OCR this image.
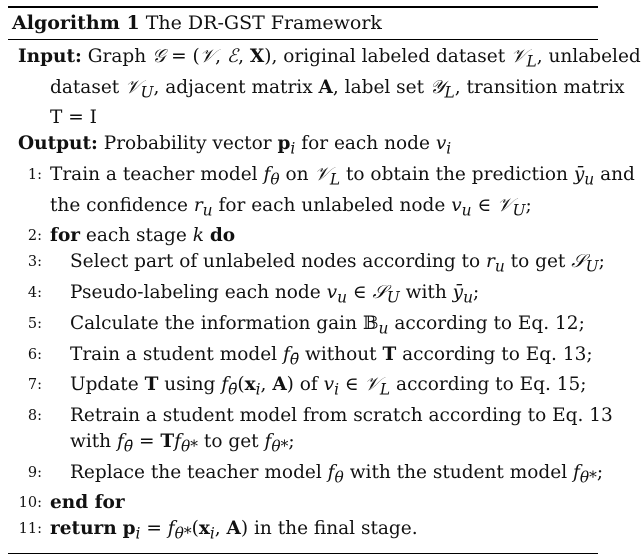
Algorithm 1 The DR-GST Framework
Input: Graph 𝒢 = (𝒱, ℰ, X), original labeled dataset 𝒱$_L$, unlabeled
dataset 𝒱$_U$, adjacent matrix A, label set 𝒴$_L$, transition matrix
T = I
Output: Probability vector $p_i$ for each node $v_i$
1: Train a teacher model $f_\theta$ on 𝒱$_L$ to obtain the prediction $ȳ_u$ and
the confidence $r_u$ for each unlabeled node $v_u$ ∈ 𝒱$_U$;
2: for each stage k do
3: Select part of unlabeled nodes according to $r_u$ to get 𝒮$_U$;
4: Pseudo-labeling each node $v_u$ ∈ 𝒮$_U$ with $ȳ_u$;
5: Calculate the information gain 𝔹$_u$ according to Eq. 12;
6: Train a student model $f_{\thetā}$ without T according to Eq. 13;
7: Update T using $f_{\thetā}(x_i$, A) of $v_i$ ∈ 𝒱$_L$ according to Eq. 15;
8: Retrain a student model from scratch according to Eq. 13
with $f_{\thetā} = Tf_{\theta*}$ to get $f_{\theta*}$;
9: Replace the teacher model $f_\theta$ with the student model $f_{\theta*}$;
10: end for
11: return $p_i = f_{\theta*}(x_i$, A) in the final stage.
